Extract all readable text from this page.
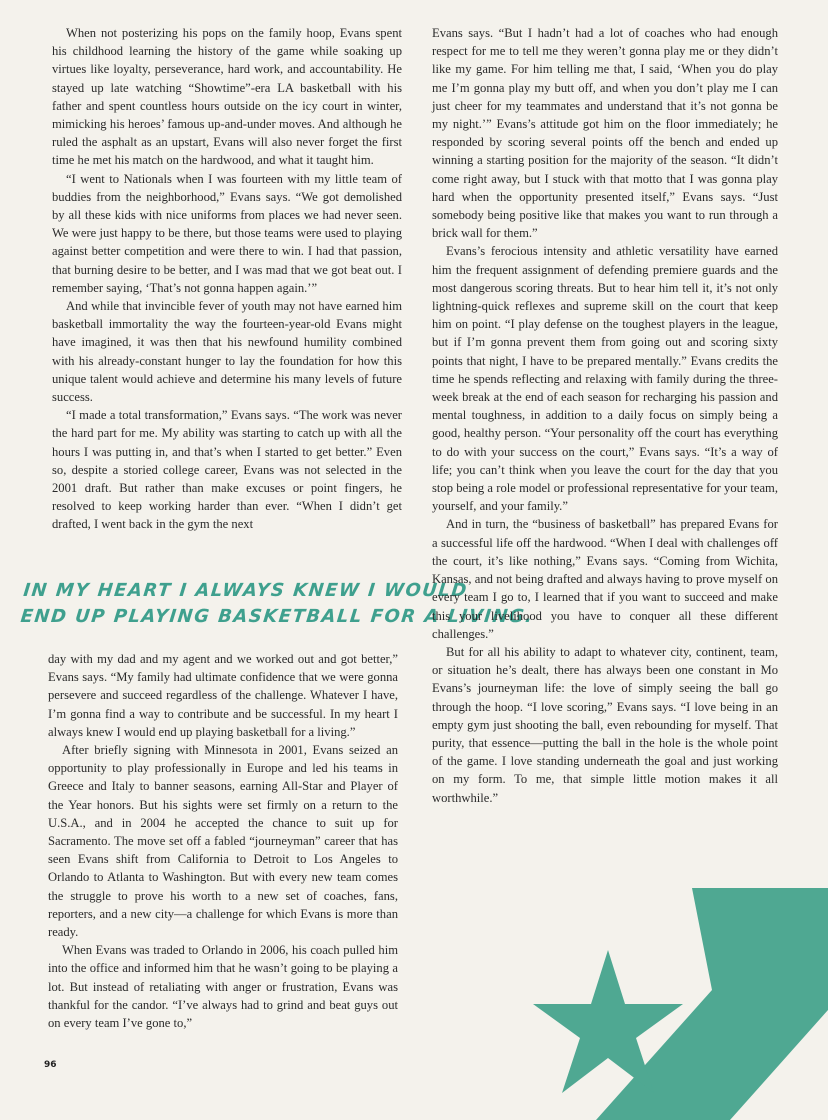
When not posterizing his pops on the family hoop, Evans spent his childhood learning the history of the game while soaking up virtues like loyalty, perseverance, hard work, and accountability. He stayed up late watching “Showtime”-era LA basketball with his father and spent countless hours outside on the icy court in winter, mimicking his heroes’ famous up-and-under moves. And although he ruled the asphalt as an upstart, Evans will also never forget the first time he met his match on the hardwood, and what it taught him.

“I went to Nationals when I was fourteen with my little team of buddies from the neighborhood,” Evans says. “We got demolished by all these kids with nice uniforms from places we had never seen. We were just happy to be there, but those teams were used to playing against better competition and were there to win. I had that passion, that burning desire to be better, and I was mad that we got beat out. I remember saying, ‘That’s not gonna happen again.’”

And while that invincible fever of youth may not have earned him basketball immortality the way the fourteen-year-old Evans might have imagined, it was then that his newfound humility combined with his already-constant hunger to lay the foundation for how this unique talent would achieve and determine his many levels of future success.

“I made a total transformation,” Evans says. “The work was never the hard part for me. My ability was starting to catch up with all the hours I was putting in, and that’s when I started to get better.” Even so, despite a storied college career, Evans was not selected in the 2001 draft. But rather than make excuses or point fingers, he resolved to keep working harder than ever. “When I didn’t get drafted, I went back in the gym the next

IN MY HEART I ALWAYS KNEW I WOULD
END UP PLAYING BASKETBALL FOR A LIVING.

day with my dad and my agent and we worked out and got better,” Evans says. “My family had ultimate confidence that we were gonna persevere and succeed regardless of the challenge. Whatever I have, I’m gonna find a way to contribute and be successful. In my heart I always knew I would end up playing basketball for a living.”

After briefly signing with Minnesota in 2001, Evans seized an opportunity to play professionally in Europe and led his teams in Greece and Italy to banner seasons, earning All-Star and Player of the Year honors. But his sights were set firmly on a return to the U.S.A., and in 2004 he accepted the chance to suit up for Sacramento. The move set off a fabled “journeyman” career that has seen Evans shift from California to Detroit to Los Angeles to Orlando to Atlanta to Washington. But with every new team comes the struggle to prove his worth to a new set of coaches, fans, reporters, and a new city—a challenge for which Evans is more than ready.

When Evans was traded to Orlando in 2006, his coach pulled him into the office and informed him that he wasn’t going to be playing a lot. But instead of retaliating with anger or frustration, Evans was thankful for the candor. “I’ve always had to grind and beat guys out on every team I’ve gone to,”

Evans says. “But I hadn’t had a lot of coaches who had enough respect for me to tell me they weren’t gonna play me or they didn’t like my game. For him telling me that, I said, ‘When you do play me I’m gonna play my butt off, and when you don’t play me I can just cheer for my teammates and understand that it’s not gonna be my night.’” Evans’s attitude got him on the floor immediately; he responded by scoring several points off the bench and ended up winning a starting position for the majority of the season. “It didn’t come right away, but I stuck with that motto that I was gonna play hard when the opportunity presented itself,” Evans says. “Just somebody being positive like that makes you want to run through a brick wall for them.”

Evans’s ferocious intensity and athletic versatility have earned him the frequent assignment of defending premiere guards and the most dangerous scoring threats. But to hear him tell it, it’s not only lightning-quick reflexes and supreme skill on the court that keep him on point. “I play defense on the toughest players in the league, but if I’m gonna prevent them from going out and scoring sixty points that night, I have to be prepared mentally.” Evans credits the time he spends reflecting and relaxing with family during the three-week break at the end of each season for recharging his passion and mental toughness, in addition to a daily focus on simply being a good, healthy person. “Your personality off the court has everything to do with your success on the court,” Evans says. “It’s a way of life; you can’t think when you leave the court for the day that you stop being a role model or professional representative for your team, yourself, and your family.”

And in turn, the “business of basketball” has prepared Evans for a successful life off the hardwood. “When I deal with challenges off the court, it’s like nothing,” Evans says. “Coming from Wichita, Kansas, and not being drafted and always having to prove myself on every team I go to, I learned that if you want to succeed and make this your livelihood you have to conquer all these different challenges.”

But for all his ability to adapt to whatever city, continent, team, or situation he’s dealt, there has always been one constant in Mo Evans’s journeyman life: the love of simply seeing the ball go through the hoop. “I love scoring,” Evans says. “I love being in an empty gym just shooting the ball, even rebounding for myself. That purity, that essence—putting the ball in the hole is the whole point of the game. I love standing underneath the goal and just working on my form. To me, that simple little motion makes it all worthwhile.”

96
